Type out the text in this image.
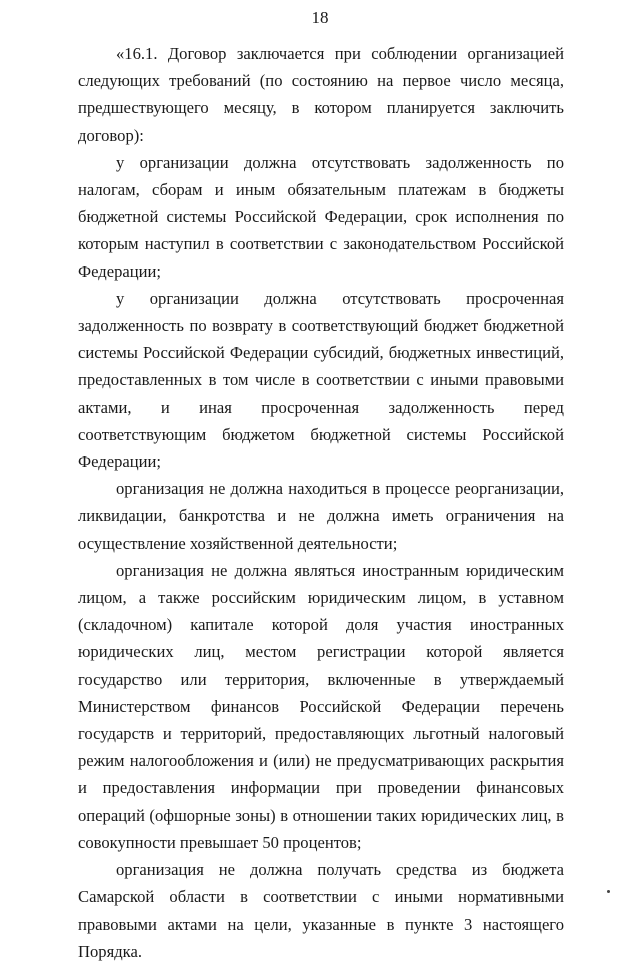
18

«16.1. Договор заключается при соблюдении организацией следующих требований (по состоянию на первое число месяца, предшествующего месяцу, в котором планируется заключить договор):

у организации должна отсутствовать задолженность по налогам, сборам и иным обязательным платежам в бюджеты бюджетной системы Российской Федерации, срок исполнения по которым наступил в соответствии с законодательством Российской Федерации;

у организации должна отсутствовать просроченная задолженность по возврату в соответствующий бюджет бюджетной системы Российской Федерации субсидий, бюджетных инвестиций, предоставленных в том числе в соответствии с иными правовыми актами, и иная просроченная задолженность перед соответствующим бюджетом бюджетной системы Российской Федерации;

организация не должна находиться в процессе реорганизации, ликвидации, банкротства и не должна иметь ограничения на осуществление хозяйственной деятельности;

организация не должна являться иностранным юридическим лицом, а также российским юридическим лицом, в уставном (складочном) капитале которой доля участия иностранных юридических лиц, местом регистрации которой является государство или территория, включенные в утверждаемый Министерством финансов Российской Федерации перечень государств и территорий, предоставляющих льготный налоговый режим налогообложения и (или) не предусматривающих раскрытия и предоставления информации при проведении финансовых операций (офшорные зоны) в отношении таких юридических лиц, в совокупности превышает 50 процентов;

организация не должна получать средства из бюджета Самарской области в соответствии с иными нормативными правовыми актами на цели, указанные в пункте 3 настоящего Порядка.
